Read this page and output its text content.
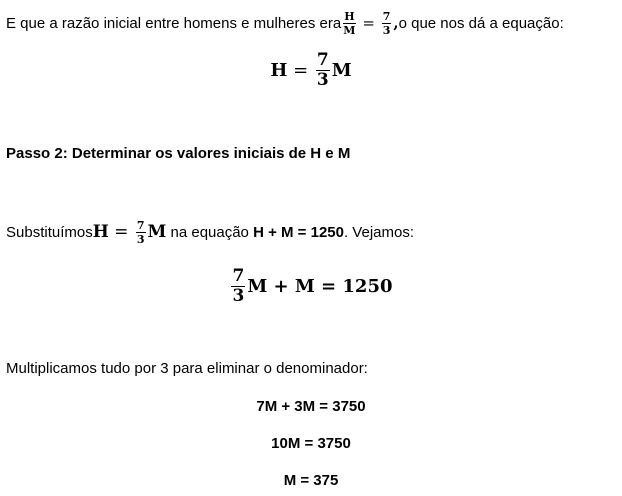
E que a razão inicial entre homens e mulheres era $\frac{H}{M} = \frac{7}{3}$ , o que nos dá a equação:
$H = \frac{7}{3}$ M
Passo 2: Determinar os valores iniciais de H e M
Substituímos $H = \frac{7}{3}$ M na equação H + M = 1250 . Vejamos:
$\frac{7}{3}$ M + M = 1250
Multiplicamos tudo por 3 para eliminar o denominador:
7M + 3M = 3750
10M = 3750
M = 375
